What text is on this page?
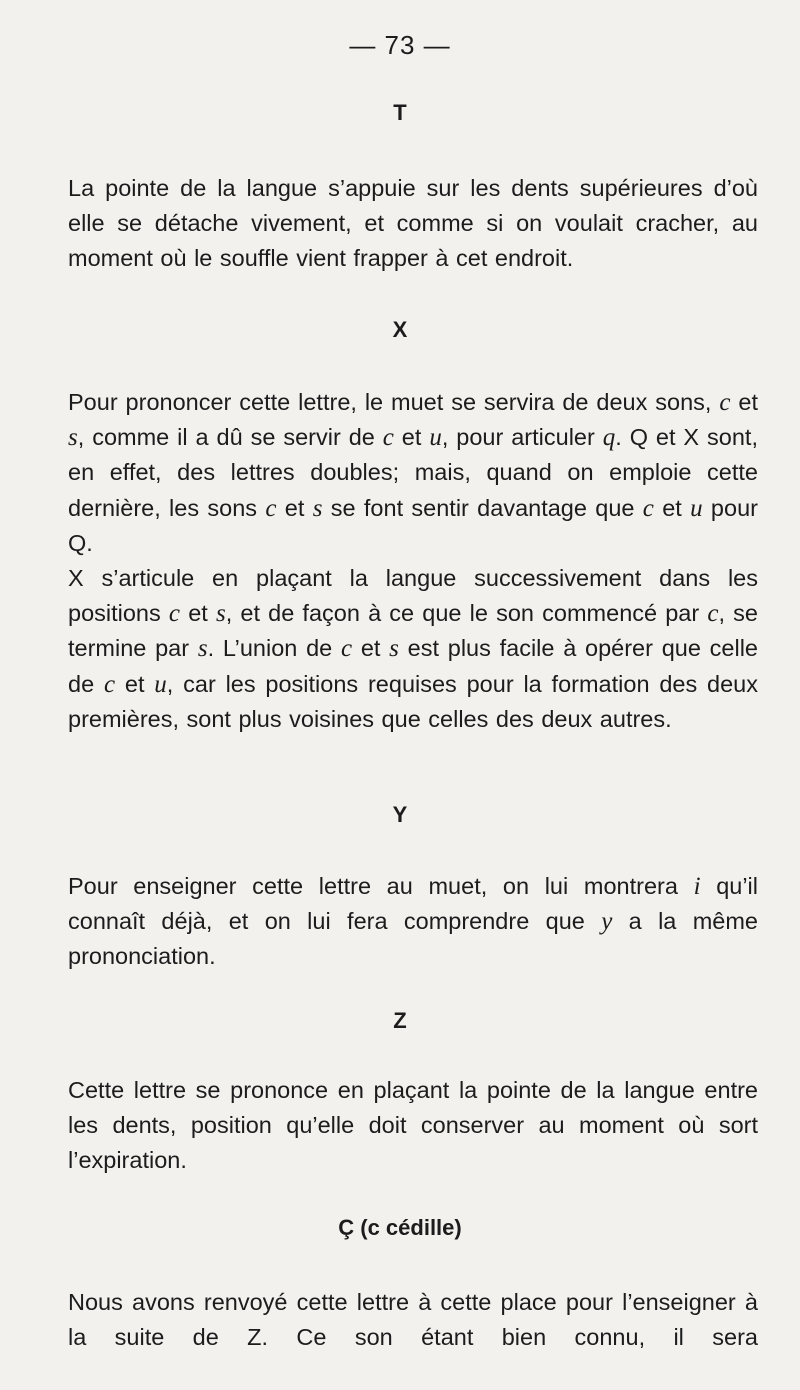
— 73 —
T

La pointe de la langue s’appuie sur les dents supérieures d’où elle se détache vivement, et comme si on voulait cracher, au moment où le souffle vient frapper à cet endroit.

X

Pour prononcer cette lettre, le muet se servira de deux sons, c et s, comme il a dû se servir de c et u, pour articuler q. Q et X sont, en effet, des lettres doubles; mais, quand on emploie cette dernière, les sons c et s se font sentir davantage que c et u pour Q.

X s’articule en plaçant la langue successivement dans les positions c et s, et de façon à ce que le son commencé par c, se termine par s. L’union de c et s est plus facile à opérer que celle de c et u, car les positions requises pour la formation des deux premières, sont plus voisines que celles des deux autres.

Y

Pour enseigner cette lettre au muet, on lui montrera i qu’il connaît déjà, et on lui fera comprendre que y a la même prononciation.

Z

Cette lettre se prononce en plaçant la pointe de la langue entre les dents, position qu’elle doit conserver au moment où sort l’expiration.

Ç (c cédille)

Nous avons renvoyé cette lettre à cette place pour l’enseigner à la suite de Z. Ce son étant bien connu, il sera
